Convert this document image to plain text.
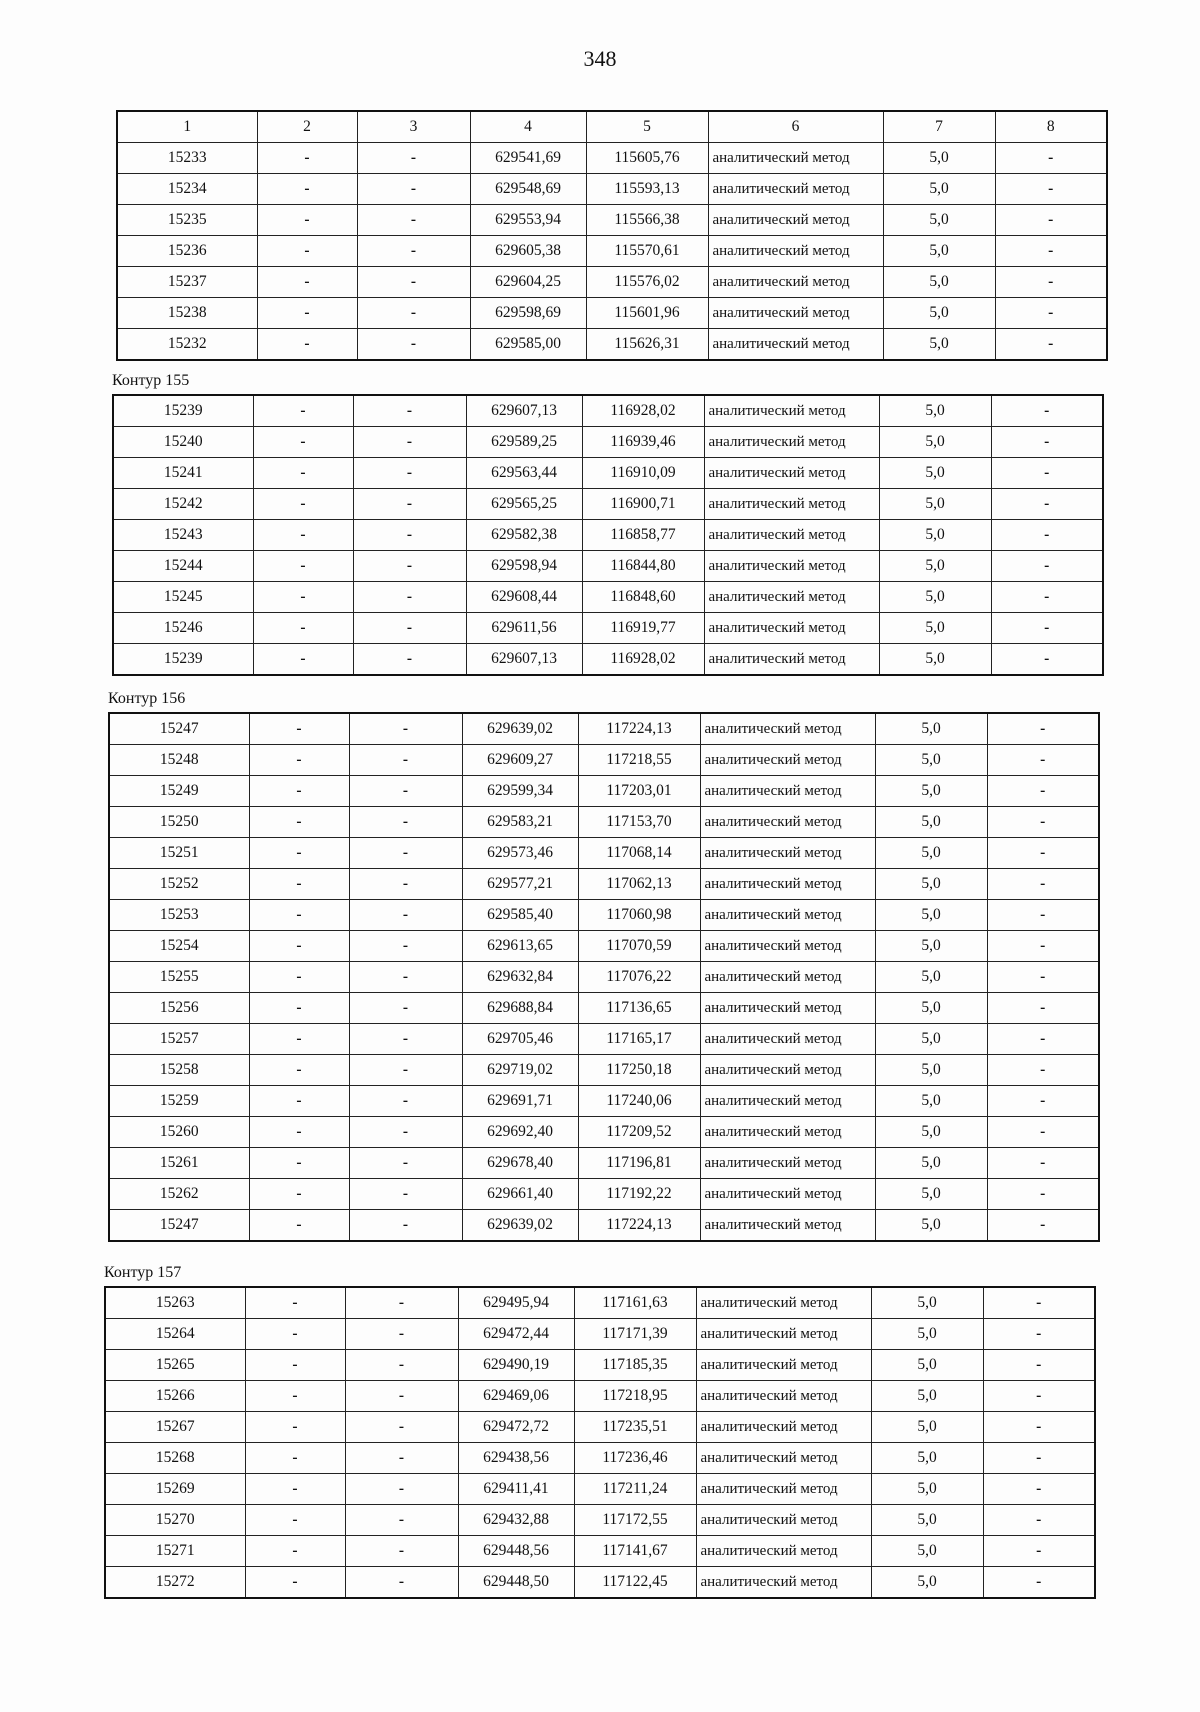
348
1	2	3	4	5	6	7	8
15233	-	-	629541,69	115605,76	аналитический метод	5,0	-
15234	-	-	629548,69	115593,13	аналитический метод	5,0	-
15235	-	-	629553,94	115566,38	аналитический метод	5,0	-
15236	-	-	629605,38	115570,61	аналитический метод	5,0	-
15237	-	-	629604,25	115576,02	аналитический метод	5,0	-
15238	-	-	629598,69	115601,96	аналитический метод	5,0	-
15232	-	-	629585,00	115626,31	аналитический метод	5,0	-
Контур 155
15239	-	-	629607,13	116928,02	аналитический метод	5,0	-
15240	-	-	629589,25	116939,46	аналитический метод	5,0	-
15241	-	-	629563,44	116910,09	аналитический метод	5,0	-
15242	-	-	629565,25	116900,71	аналитический метод	5,0	-
15243	-	-	629582,38	116858,77	аналитический метод	5,0	-
15244	-	-	629598,94	116844,80	аналитический метод	5,0	-
15245	-	-	629608,44	116848,60	аналитический метод	5,0	-
15246	-	-	629611,56	116919,77	аналитический метод	5,0	-
15239	-	-	629607,13	116928,02	аналитический метод	5,0	-
Контур 156
15247	-	-	629639,02	117224,13	аналитический метод	5,0	-
15248	-	-	629609,27	117218,55	аналитический метод	5,0	-
15249	-	-	629599,34	117203,01	аналитический метод	5,0	-
15250	-	-	629583,21	117153,70	аналитический метод	5,0	-
15251	-	-	629573,46	117068,14	аналитический метод	5,0	-
15252	-	-	629577,21	117062,13	аналитический метод	5,0	-
15253	-	-	629585,40	117060,98	аналитический метод	5,0	-
15254	-	-	629613,65	117070,59	аналитический метод	5,0	-
15255	-	-	629632,84	117076,22	аналитический метод	5,0	-
15256	-	-	629688,84	117136,65	аналитический метод	5,0	-
15257	-	-	629705,46	117165,17	аналитический метод	5,0	-
15258	-	-	629719,02	117250,18	аналитический метод	5,0	-
15259	-	-	629691,71	117240,06	аналитический метод	5,0	-
15260	-	-	629692,40	117209,52	аналитический метод	5,0	-
15261	-	-	629678,40	117196,81	аналитический метод	5,0	-
15262	-	-	629661,40	117192,22	аналитический метод	5,0	-
15247	-	-	629639,02	117224,13	аналитический метод	5,0	-
Контур 157
15263	-	-	629495,94	117161,63	аналитический метод	5,0	-
15264	-	-	629472,44	117171,39	аналитический метод	5,0	-
15265	-	-	629490,19	117185,35	аналитический метод	5,0	-
15266	-	-	629469,06	117218,95	аналитический метод	5,0	-
15267	-	-	629472,72	117235,51	аналитический метод	5,0	-
15268	-	-	629438,56	117236,46	аналитический метод	5,0	-
15269	-	-	629411,41	117211,24	аналитический метод	5,0	-
15270	-	-	629432,88	117172,55	аналитический метод	5,0	-
15271	-	-	629448,56	117141,67	аналитический метод	5,0	-
15272	-	-	629448,50	117122,45	аналитический метод	5,0	-
